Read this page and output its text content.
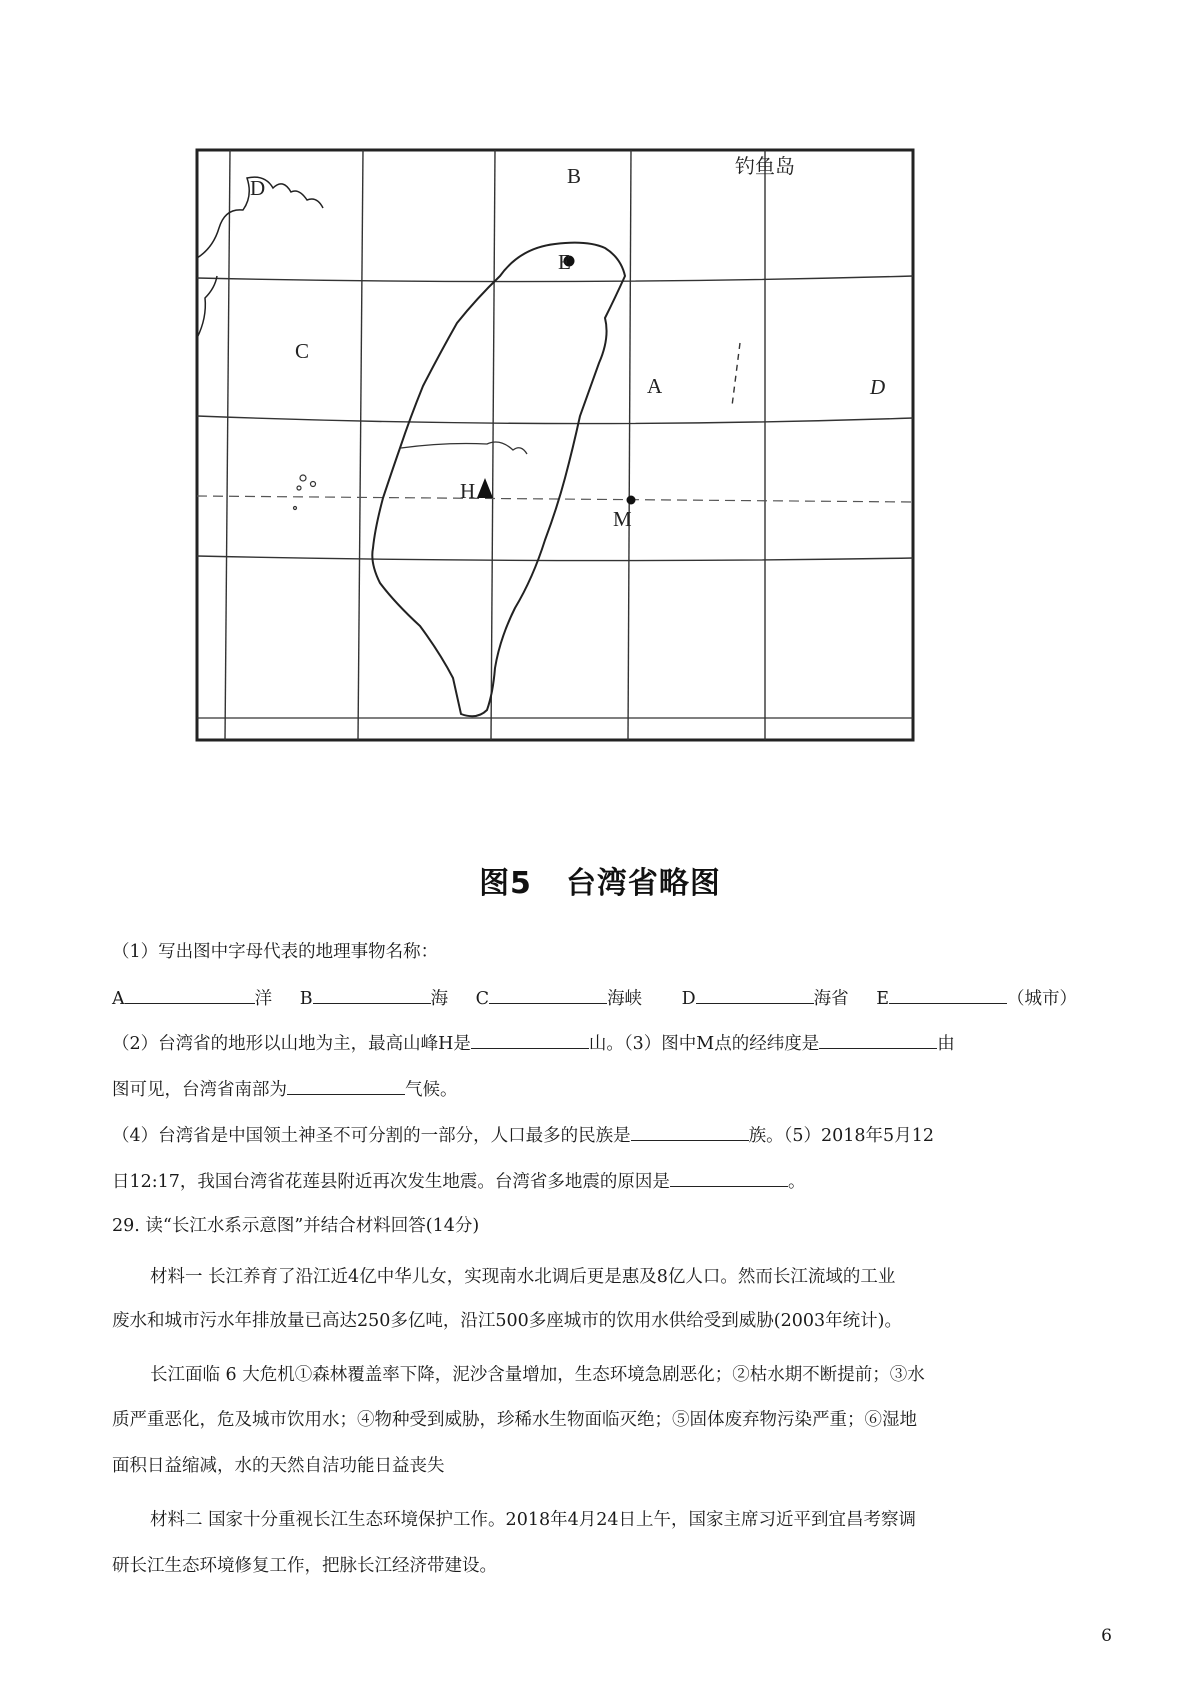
D	B	钓鱼岛
E
C
A	D
H
M
图5 台湾省略图
（1）写出图中字母代表的地理事物名称：
A	洋 B	海 C	海峡 D	海省 E	（城市）
（2）台湾省的地形以山地为主，最高山峰H是	山。（3）图中M点的经纬度是	由
图可见，台湾省南部为	气候。
（4）台湾省是中国领土神圣不可分割的一部分，人口最多的民族是	族。（5）2018年5月12
日12:17，我国台湾省花莲县附近再次发生地震。台湾省多地震的原因是	。
29. 读“长江水系示意图”并结合材料回答(14分)
材料一 长江养育了沿江近4亿中华儿女，实现南水北调后更是惠及8亿人口。然而长江流域的工业
废水和城市污水年排放量已高达250多亿吨，沿江500多座城市的饮用水供给受到威胁(2003年统计)。
长江面临 6 大危机①森林覆盖率下降，泥沙含量增加，生态环境急剧恶化；②枯水期不断提前；③水
质严重恶化，危及城市饮用水；④物种受到威胁，珍稀水生物面临灭绝；⑤固体废弃物污染严重；⑥湿地
面积日益缩减，水的天然自洁功能日益丧失
材料二 国家十分重视长江生态环境保护工作。2018年4月24日上午，国家主席习近平到宜昌考察调
研长江生态环境修复工作，把脉长江经济带建设。
6
